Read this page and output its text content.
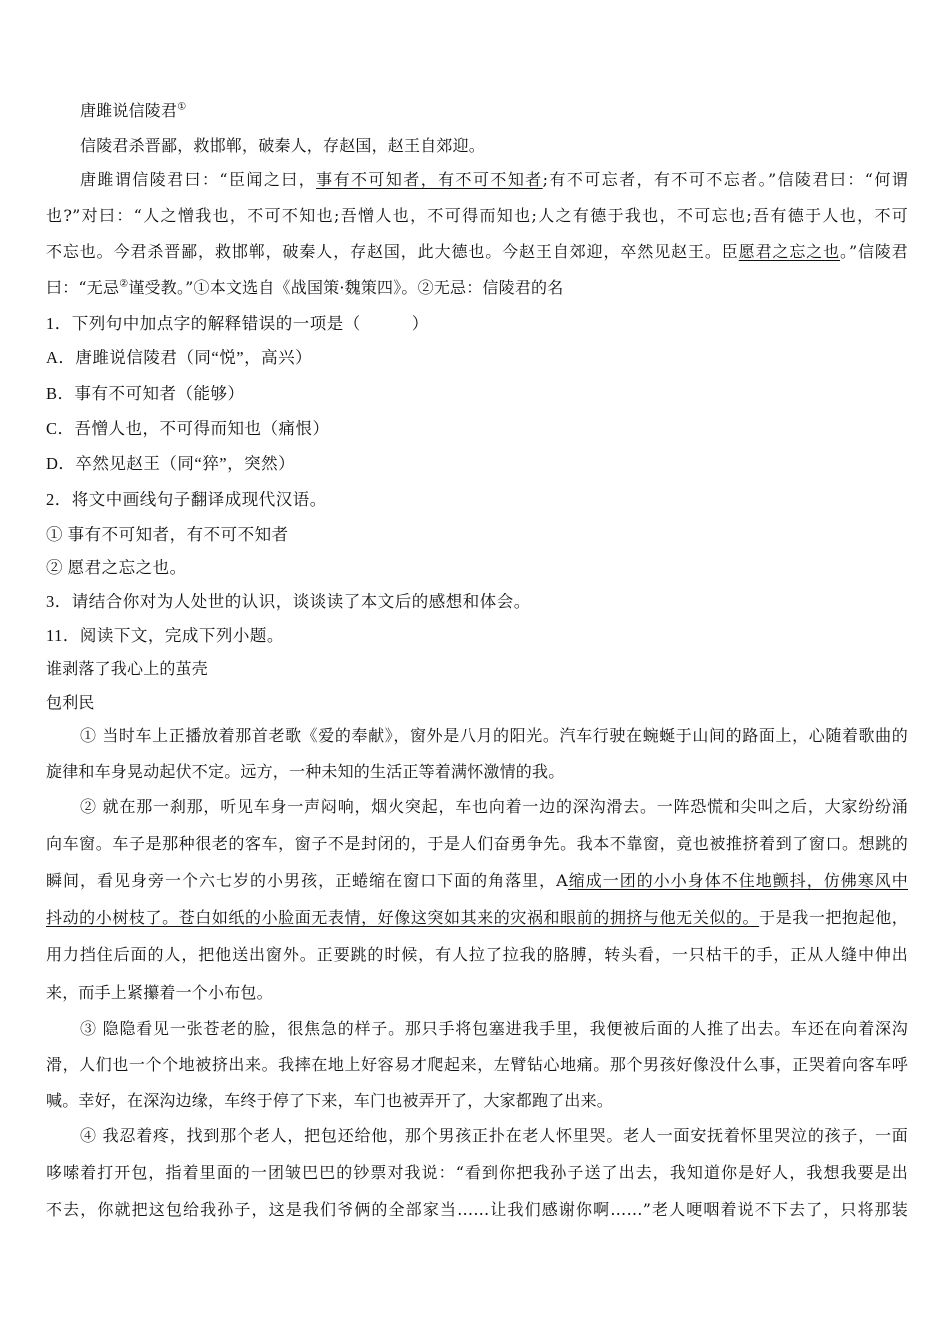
唐雎说信陵君①
信陵君杀晋鄙，救邯郸，破秦人，存赵国，赵王自郊迎。
唐雎谓信陵君曰：“臣闻之曰，事有不可知者，有不可不知者;有不可忘者，有不可不忘者。”信陵君曰：“何谓
也?”对曰：“人之憎我也，不可不知也;吾憎人也，不可得而知也;人之有德于我也，不可忘也;吾有德于人也，不可
不忘也。今君杀晋鄙，救邯郸，破秦人，存赵国，此大德也。今赵王自郊迎，卒然见赵王。臣愿君之忘之也。”信陵君
曰：“无忌②谨受教。”①本文选自《战国策·魏策四》。②无忌：信陵君的名
1．下列句中加点字的解释错误的一项是（　　　）
A．唐雎说信陵君（同“悦”，高兴）
B．事有不可知者（能够）
C．吾憎人也，不可得而知也（痛恨）
D．卒然见赵王（同“猝”，突然）
2．将文中画线句子翻译成现代汉语。
① 事有不可知者，有不可不知者
② 愿君之忘之也。
3．请结合你对为人处世的认识，谈谈读了本文后的感想和体会。
11．阅读下文，完成下列小题。
谁剥落了我心上的茧壳
包利民
① 当时车上正播放着那首老歌《爱的奉献》，窗外是八月的阳光。汽车行驶在蜿蜒于山间的路面上，心随着歌曲的
旋律和车身晃动起伏不定。远方，一种未知的生活正等着满怀激情的我。
② 就在那一刹那，听见车身一声闷响，烟火突起，车也向着一边的深沟滑去。一阵恐慌和尖叫之后，大家纷纷涌
向车窗。车子是那种很老的客车，窗子不是封闭的，于是人们奋勇争先。我本不靠窗，竟也被推挤着到了窗口。想跳的
瞬间，看见身旁一个六七岁的小男孩，正蜷缩在窗口下面的角落里，A缩成一团的小小身体不住地颤抖，仿佛寒风中
抖动的小树枝了。苍白如纸的小脸面无表情，好像这突如其来的灾祸和眼前的拥挤与他无关似的。于是我一把抱起他，
用力挡住后面的人，把他送出窗外。正要跳的时候，有人拉了拉我的胳膊，转头看，一只枯干的手，正从人缝中伸出
来，而手上紧攥着一个小布包。
③ 隐隐看见一张苍老的脸，很焦急的样子。那只手将包塞进我手里，我便被后面的人推了出去。车还在向着深沟
滑，人们也一个个地被挤出来。我摔在地上好容易才爬起来，左臂钻心地痛。那个男孩好像没什么事，正哭着向客车呼
喊。幸好，在深沟边缘，车终于停了下来，车门也被弄开了，大家都跑了出来。
④ 我忍着疼，找到那个老人，把包还给他，那个男孩正扑在老人怀里哭。老人一面安抚着怀里哭泣的孩子，一面
哆嗦着打开包，指着里面的一团皱巴巴的钞票对我说：“看到你把我孙子送了出去，我知道你是好人，我想我要是出
不去，你就把这包给我孙子，这是我们爷俩的全部家当……让我们感谢你啊……”老人哽咽着说不下去了，只将那装
